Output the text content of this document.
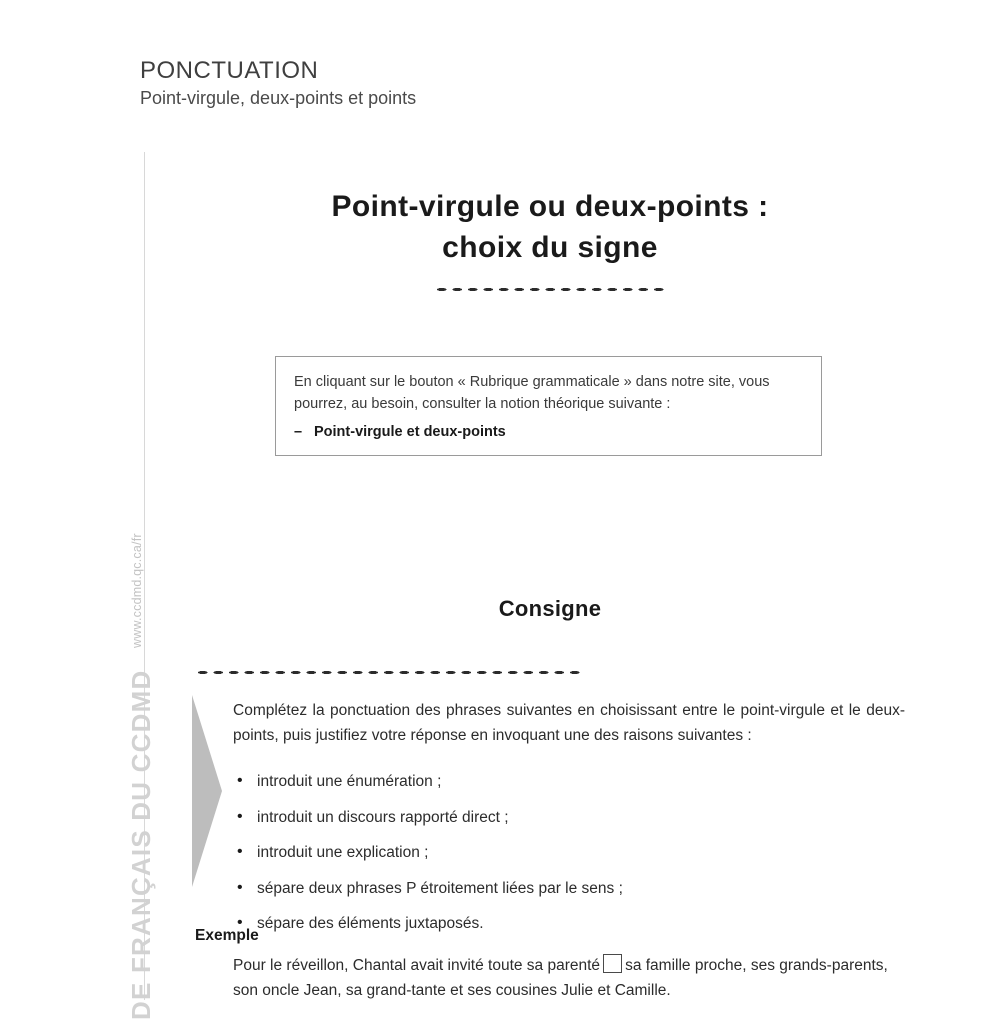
PONCTUATION
Point-virgule, deux-points et points
www.ccdmd.qc.ca/fr
DE FRANÇAIS DU CCDMD
Point-virgule ou deux-points :
choix du signe
En cliquant sur le bouton « Rubrique grammaticale » dans notre site, vous pourrez, au besoin, consulter la notion théorique suivante :
– Point-virgule et deux-points
Consigne
Complétez la ponctuation des phrases suivantes en choisissant entre le point-virgule et le deux-points, puis justifiez votre réponse en invoquant une des raisons suivantes :
• introduit une énumération ;
• introduit un discours rapporté direct ;
• introduit une explication ;
• sépare deux phrases P étroitement liées par le sens ;
• sépare des éléments juxtaposés.
Exemple
Pour le réveillon, Chantal avait invité toute sa parenté sa famille proche, ses grands-parents, son oncle Jean, sa grand-tante et ses cousines Julie et Camille.
